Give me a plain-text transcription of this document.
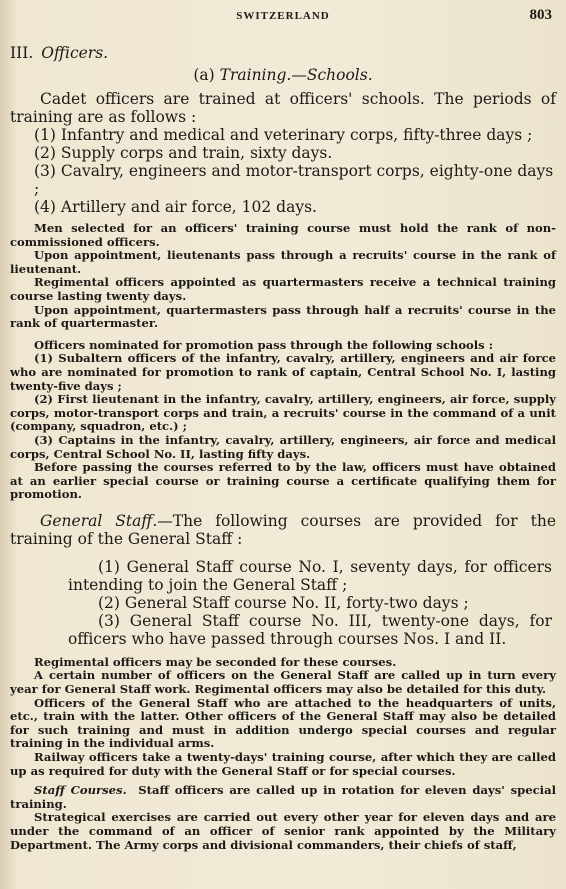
SWITZERLAND	803
III. Officers.
(a) Training.—Schools.

Cadet officers are trained at officers' schools. The periods of training are as follows :

(1) Infantry and medical and veterinary corps, fifty-three days ;
(2) Supply corps and train, sixty days.
(3) Cavalry, engineers and motor-transport corps, eighty-one days ;
(4) Artillery and air force, 102 days.

Men selected for an officers' training course must hold the rank of non-commissioned officers.

Upon appointment, lieutenants pass through a recruits' course in the rank of lieutenant.

Regimental officers appointed as quartermasters receive a technical training course lasting twenty days.

Upon appointment, quartermasters pass through half a recruits' course in the rank of quartermaster.

Officers nominated for promotion pass through the following schools :

(1) Subaltern officers of the infantry, cavalry, artillery, engineers and air force who are nominated for promotion to rank of captain, Central School No. I, lasting twenty-five days ;

(2) First lieutenant in the infantry, cavalry, artillery, engineers, air force, supply corps, motor-transport corps and train, a recruits' course in the command of a unit (company, squadron, etc.) ;

(3) Captains in the infantry, cavalry, artillery, engineers, air force and medical corps, Central School No. II, lasting fifty days.

Before passing the courses referred to by the law, officers must have obtained at an earlier special course or training course a certificate qualifying them for promotion.

General Staff.—The following courses are provided for the training of the General Staff :

(1) General Staff course No. I, seventy days, for officers intending to join the General Staff ;
(2) General Staff course No. II, forty-two days ;
(3) General Staff course No. III, twenty-one days, for officers who have passed through courses Nos. I and II.

Regimental officers may be seconded for these courses.

A certain number of officers on the General Staff are called up in turn every year for General Staff work. Regimental officers may also be detailed for this duty.

Officers of the General Staff who are attached to the headquarters of units, etc., train with the latter. Other officers of the General Staff may also be detailed for such training and must in addition undergo special courses and regular training in the individual arms.

Railway officers take a twenty-days' training course, after which they are called up as required for duty with the General Staff or for special courses.

Staff Courses. Staff officers are called up in rotation for eleven days' special training.

Strategical exercises are carried out every other year for eleven days and are under the command of an officer of senior rank appointed by the Military Department. The Army corps and divisional commanders, their chiefs of staff,
